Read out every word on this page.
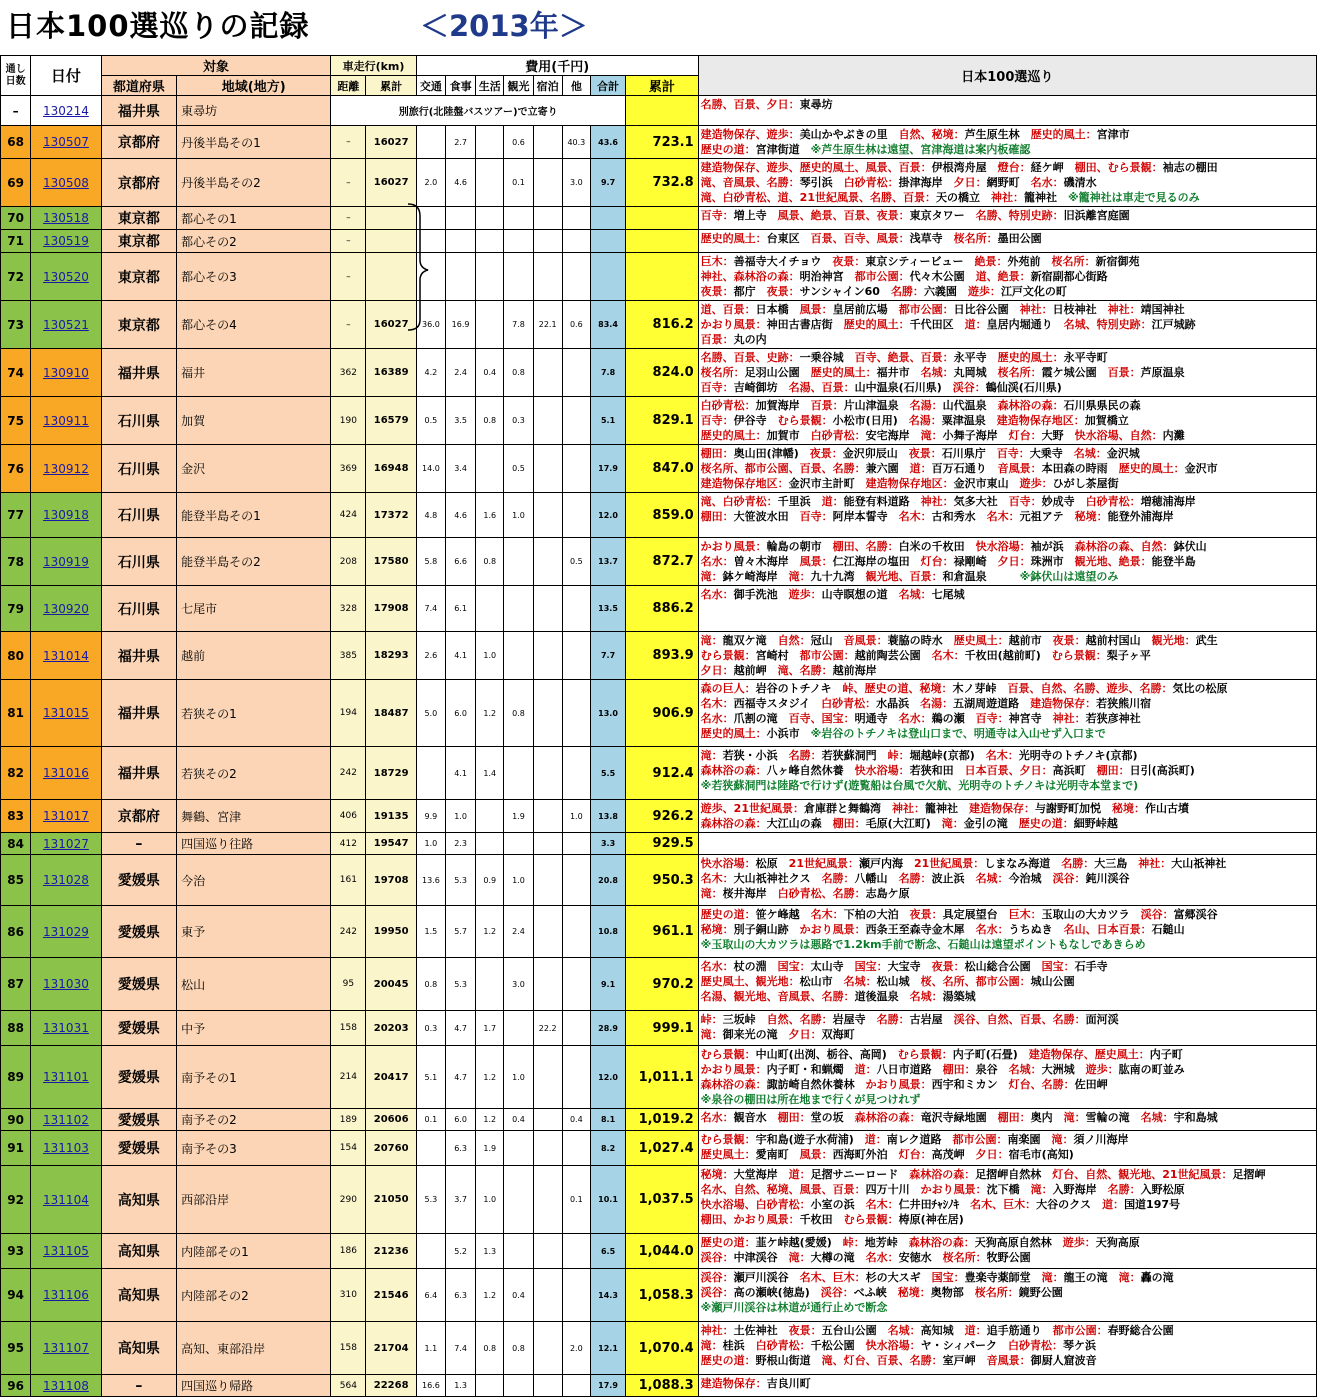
日本100選巡りの記録	＜2013年＞
通し
日数	日付	対象		車走行(km)		費用(千円)								日本100選巡り
		都道府県	地域(地方)	距離	累計	交通	食事	生活	観光	宿泊	他	合計	累計	
–	130214	福井県	東尋坊	別旅行(北陸盤バスツアー)で立寄り										名勝、百景、夕日：東尋坊

68	130507	京都府	丹後半島その1	–	16027		2.7		0.6		40.3	43.6	723.1	建造物保存、遊歩：美山かやぶきの里　自然、秘境：芦生原生林　歴史的風土：宮津市
歴史の道：宮津街道　※芦生原生林は遠望、宮津海道は案内板確認

69	130508	京都府	丹後半島その2	–	16027	2.0	4.6		0.1		3.0	9.7	732.8	建造物保存、遊歩、歴史的風土、風景、百景：伊根湾舟屋　燈台：経ケ岬　棚田、むら景観：袖志の棚田
滝、音風景、名勝：琴引浜　白砂青松：掛津海岸　夕日：網野町　名水：磯清水
滝、白砂青松、道、21世紀風景、名勝、百景：天の橋立　神社：籠神社　※籠神社は車走で見るのみ

70	130518	東京都	都心その1	–										百寺：増上寺　風景、絶景、百景、夜景：東京タワー　名勝、特別史跡：旧浜離宮庭園

71	130519	東京都	都心その2	–										歴史的風土：台東区　百景、百寺、風景：浅草寺　桜名所：墨田公園

72	130520	東京都	都心その3	–										巨木：善福寺大イチョウ　夜景：東京シティービュー　絶景：外苑前　桜名所：新宿御苑
神社、森林浴の森：明治神宮　都市公園：代々木公園　道、絶景：新宿副都心街路
夜景：都庁　夜景：サンシャイン60　名勝：六義園　遊歩：江戸文化の町

73	130521	東京都	都心その4	–	16027	36.0	16.9		7.8	22.1	0.6	83.4	816.2	道、百景：日本橋　風景：皇居前広場　都市公園：日比谷公園　神社：日枝神社　神社：靖国神社
かおり風景：神田古書店街　歴史的風土：千代田区　道：皇居内堀通り　名城、特別史跡：江戸城跡
百景：丸の内

74	130910	福井県	福井	362	16389	4.2	2.4	0.4	0.8			7.8	824.0	名勝、百景、史跡：一乗谷城　百寺、絶景、百景：永平寺　歴史的風土：永平寺町
桜名所：足羽山公園　歴史的風土：福井市　名城：丸岡城　桜名所：霞ケ城公園　百景：芦原温泉
百寺：吉崎御坊　名湯、百景：山中温泉(石川県)　渓谷：鶴仙渓(石川県)

75	130911	石川県	加賀	190	16579	0.5	3.5	0.8	0.3			5.1	829.1	白砂青松：加賀海岸　百景：片山津温泉　名湯：山代温泉　森林浴の森：石川県県民の森
百寺：伊谷寺　むら景観：小松市(日用)　名湯：粟津温泉　建造物保存地区：加賀橋立
歴史的風土：加賀市　白砂青松：安宅海岸　滝：小舞子海岸　灯台：大野　快水浴場、自然：内灘

76	130912	石川県	金沢	369	16948	14.0	3.4		0.5			17.9	847.0	棚田：奥山田(津幡)　夜景：金沢卯辰山　夜景：石川県庁　百寺：大乗寺　名城：金沢城
桜名所、都市公園、百景、名勝：兼六園　道：百万石通り　音風景：本田森の時雨　歴史的風土：金沢市
建造物保存地区：金沢市主計町　建造物保存地区：金沢市東山　遊歩：ひがし茶屋街

77	130918	石川県	能登半島その1	424	17372	4.8	4.6	1.6	1.0			12.0	859.0	滝、白砂青松：千里浜　道：能登有料道路　神社：気多大社　百寺：妙成寺　白砂青松：増穂浦海岸
棚田：大笹波水田　百寺：阿岸本誓寺　名木：古和秀水　名木：元祖アテ　秘境：能登外浦海岸

78	130919	石川県	能登半島その2	208	17580	5.8	6.6	0.8			0.5	13.7	872.7	かおり風景：輪島の朝市　棚田、名勝：白米の千枚田　快水浴場：袖が浜　森林浴の森、自然：鉢伏山
名水：曽々木海岸　風景：仁江海岸の塩田　灯台：禄剛崎　夕日：珠洲市　観光地、絶景：能登半島
滝：鉢ケ崎海岸　滝：九十九湾　観光地、百景：和倉温泉　　　※鉢伏山は遠望のみ

79	130920	石川県	七尾市	328	17908	7.4	6.1					13.5	886.2	名水：御手洗池　遊歩：山寺瞑想の道　名城：七尾城

80	131014	福井県	越前	385	18293	2.6	4.1	1.0				7.7	893.9	滝：龍双ケ滝　自然：冠山　音風景：蓑脇の時水　歴史風土：越前市　夜景：越前村国山　観光地：武生
むら景観：宮崎村　都市公園：越前陶芸公園　名木：千枚田(越前町)　むら景観：梨子ヶ平
夕日：越前岬　滝、名勝：越前海岸

81	131015	福井県	若狭その1	194	18487	5.0	6.0	1.2	0.8			13.0	906.9	森の巨人：岩谷のトチノキ　峠、歴史の道、秘境：木ノ芽峠　百景、自然、名勝、遊歩、名勝：気比の松原
名木：西福寺スタジイ　白砂青松：水晶浜　名湯：五湖周遊道路　建造物保存：若狭熊川宿
名水：爪割の滝　百寺、国宝：明通寺　名水：鵜の瀬　百寺：神宮寺　神社：若狭彦神社
歴史的風土：小浜市　※岩谷のトチノキは登山口まで、明通寺は入山せず入口まで

82	131016	福井県	若狭その2	242	18729		4.1	1.4				5.5	912.4	滝：若狭・小浜　名勝：若狭蘇洞門　峠：堀越峠(京都)　名木：光明寺のトチノキ(京都)
森林浴の森：八ヶ峰自然休養　快水浴場：若狭和田　日本百景、夕日：高浜町　棚田：日引(高浜町)
※若狭蘇洞門は陸路で行けず(遊覧船は台風で欠航、光明寺のトチノキは光明寺本堂まで)

83	131017	京都府	舞鶴、宮津	406	19135	9.9	1.0		1.9		1.0	13.8	926.2	遊歩、21世紀風景：倉庫群と舞鶴湾　神社：籠神社　建造物保存：与謝野町加悦　秘境：作山古墳
森林浴の森：大江山の森　棚田：毛原(大江町)　滝：金引の滝　歴史の道：細野峠越

84	131027	–	四国巡り往路	412	19547	1.0	2.3					3.3	929.5	
85	131028	愛媛県	今治	161	19708	13.6	5.3	0.9	1.0			20.8	950.3	快水浴場：松原　21世紀風景：瀬戸内海　21世紀風景：しまなみ海道　名勝：大三島　神社：大山祇神社
名木：大山祇神社クス　名勝：八幡山　名勝：波止浜　名城：今治城　渓谷：鈍川渓谷
滝：桜井海岸　白砂青松、名勝：志島ケ原

86	131029	愛媛県	東予	242	19950	1.5	5.7	1.2	2.4			10.8	961.1	歴史の道：笹ケ峰越　名木：下柏の大泊　夜景：具定展望台　巨木：玉取山の大カツラ　渓谷：富郷渓谷
秘境：別子銅山跡　かおり風景：西条王至森寺金木犀　名水：うちぬき　名山、日本百景：石鎚山
※玉取山の大カツラは悪路で1.2km手前で断念、石鎚山は遠望ポイントもなしであきらめ

87	131030	愛媛県	松山	95	20045	0.8	5.3		3.0			9.1	970.2	名水：杖の淵　国宝：太山寺　国宝：大宝寺　夜景：松山総合公園　国宝：石手寺
歴史風土、観光地：松山市　名城：松山城　桜、名所、都市公園：城山公園
名湯、観光地、音風景、名勝：道後温泉　名城：湯築城

88	131031	愛媛県	中予	158	20203	0.3	4.7	1.7		22.2		28.9	999.1	峠：三坂峠　自然、名勝：岩屋寺　名勝：古岩屋　渓谷、自然、百景、名勝：面河渓
滝：御来光の滝　夕日：双海町

89	131101	愛媛県	南予その1	214	20417	5.1	4.7	1.2	1.0			12.0	1,011.1	むら景観：中山町(出渕、栃谷、高岡)　むら景観：内子町(石畳)　建造物保存、歴史風土：内子町
かおり風景：内子町・和蝋燭　道：八日市道路　棚田：泉谷　名城：大洲城　遊歩：肱南の町並み
森林浴の森：諏訪崎自然休養林　かおり風景：西宇和ミカン　灯台、名勝：佐田岬
※泉谷の棚田は所在地まで行くが見つけれず

90	131102	愛媛県	南予その2	189	20606	0.1	6.0	1.2	0.4		0.4	8.1	1,019.2	名水：観音水　棚田：堂の坂　森林浴の森：竜沢寺緑地園　棚田：奥内　滝：雪輪の滝　名城：宇和島城

91	131103	愛媛県	南予その3	154	20760		6.3	1.9				8.2	1,027.4	むら景観：宇和島(遊子水荷浦)　道：南レク道路　都市公園：南楽園　滝：須ノ川海岸
歴史風土：愛南町　風景：西海町外泊　灯台：高茂岬　夕日：宿毛市(高知)

92	131104	高知県	西部沿岸	290	21050	5.3	3.7	1.0			0.1	10.1	1,037.5	秘境：大堂海岸　道：足摺サニーロード　森林浴の森：足摺岬自然林　灯台、自然、観光地、21世紀風景：足摺岬
名水、自然、秘境、風景、百景：四万十川　かおり風景：沈下橋　滝：入野海岸　名勝：入野松原
快水浴場、白砂青松：小室の浜　名木：仁井田ﾁｬｼﾉｷ　名木、巨木：大谷のクス　道：国道197号
棚田、かおり風景：千枚田　むら景観：梼原(神在居)

93	131105	高知県	内陸部その1	186	21236		5.2	1.3				6.5	1,044.0	歴史の道：韮ケ峠越(愛媛)　峠：地芳峠　森林浴の森：天狗高原自然林　遊歩：天狗高原
渓谷：中津渓谷　滝：大樽の滝　名水：安徳水　桜名所：牧野公園

94	131106	高知県	内陸部その2	310	21546	6.4	6.3	1.2	0.4			14.3	1,058.3	渓谷：瀬戸川渓谷　名木、巨木：杉の大スギ　国宝：豊楽寺薬師堂　滝：龍王の滝　滝：轟の滝
渓谷：高の瀬峡(徳島)　渓谷：べふ峡　秘境：奥物部　桜名所：鏡野公園
※瀬戸川渓谷は林道が通行止めで断念

95	131107	高知県	高知、東部沿岸	158	21704	1.1	7.4	0.8	0.8		2.0	12.1	1,070.4	神社：土佐神社　夜景：五台山公園　名城：高知城　道：追手筋通り　都市公園：春野総合公園
滝：桂浜　白砂青松：千松公園　快水浴場：ヤ・シィパーク　白砂青松：琴ケ浜
歴史の道：野根山街道　滝、灯台、百景、名勝：室戸岬　音風景：御厨人窟波音

96	131108	–	四国巡り帰路	564	22268	16.6	1.3					17.9	1,088.3	建造物保存：吉良川町
